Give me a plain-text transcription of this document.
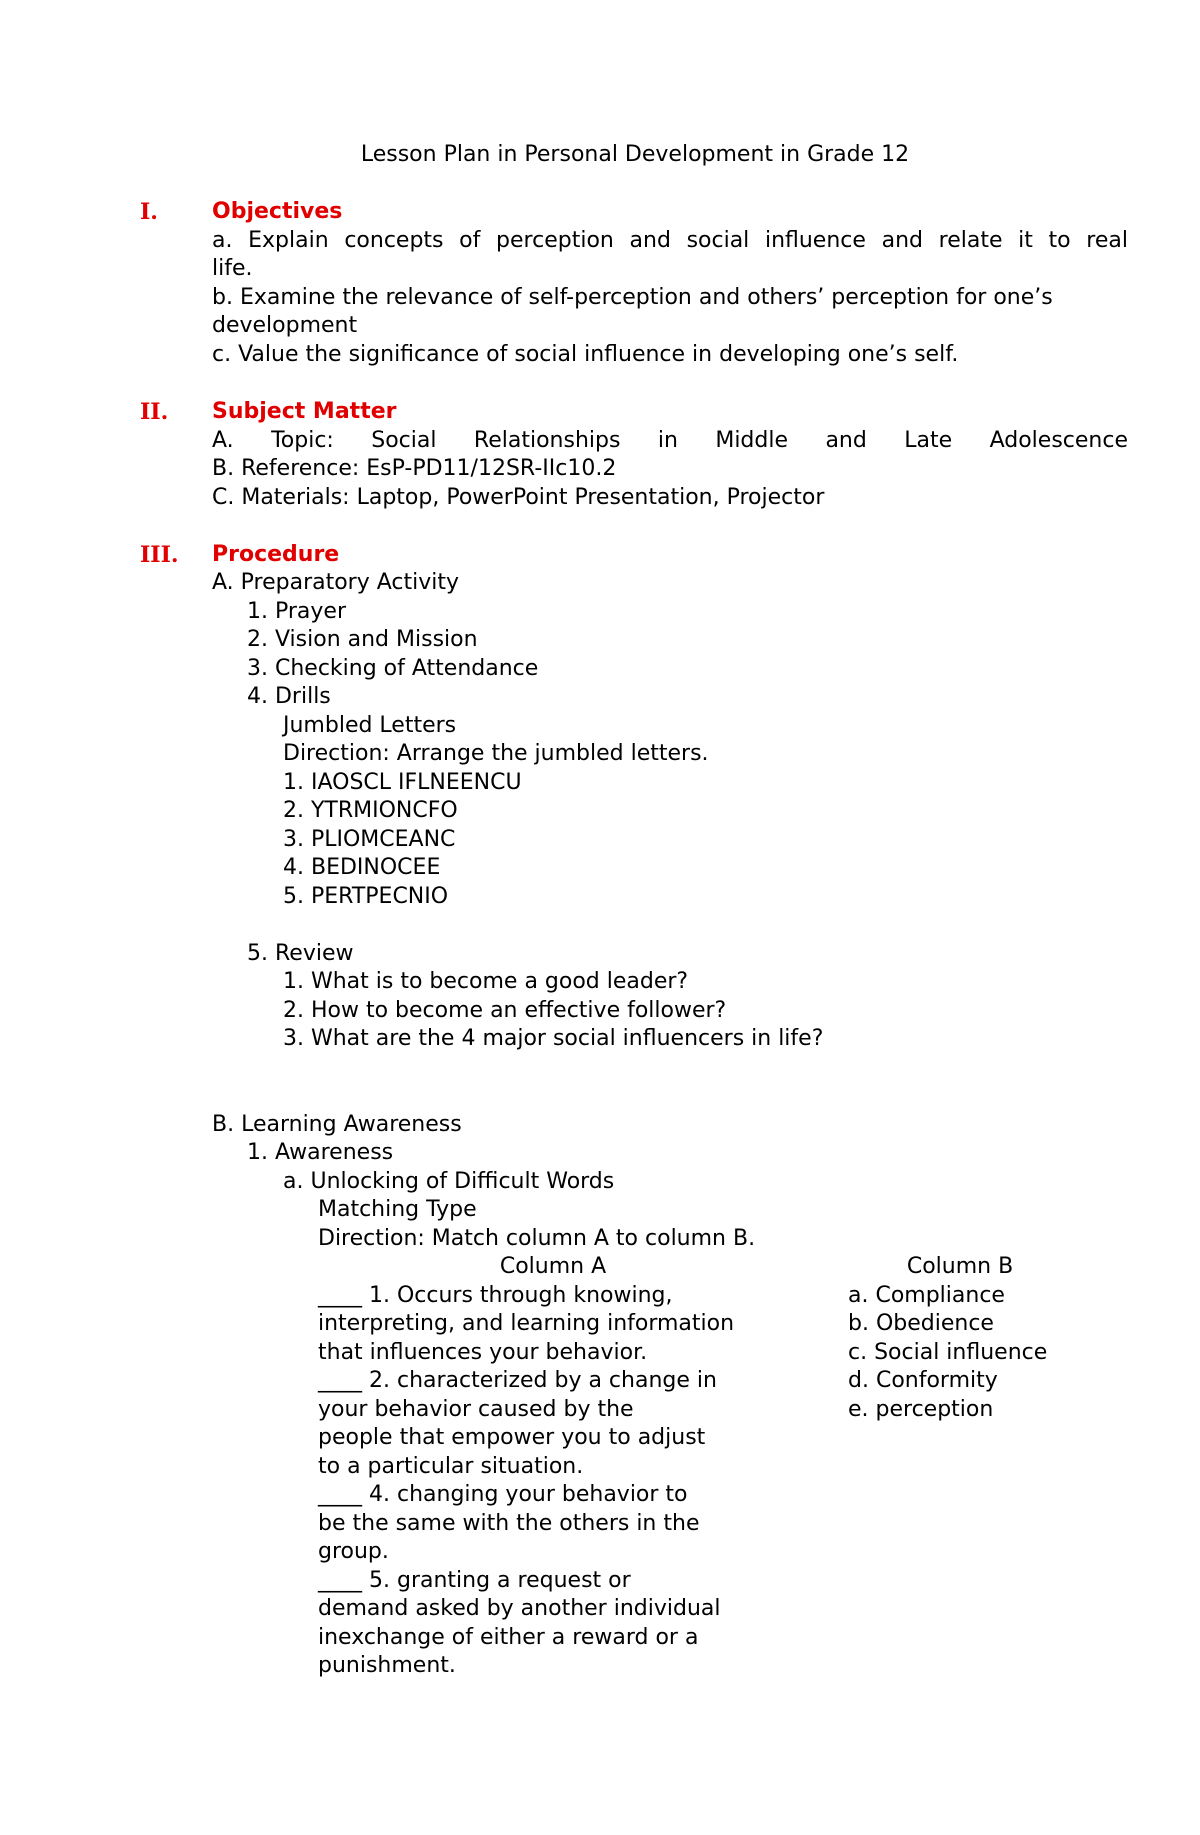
Lesson Plan in Personal Development in Grade 12
I. Objectives
a. Explain concepts of perception and social influence and relate it to real
life.
b. Examine the relevance of self-perception and others’ perception for one’s
development
c. Value the significance of social influence in developing one’s self.
II. Subject Matter
A. Topic: Social Relationships in Middle and Late Adolescence
B. Reference: EsP-PD11/12SR-IIc10.2
C. Materials: Laptop, PowerPoint Presentation, Projector
III. Procedure
A. Preparatory Activity
1. Prayer
2. Vision and Mission
3. Checking of Attendance
4. Drills
Jumbled Letters
Direction: Arrange the jumbled letters.
1. IAOSCL IFLNEENCU
2. YTRMIONCFO
3. PLIOMCEANC
4. BEDINOCEE
5. PERTPECNIO
5. Review
1. What is to become a good leader?
2. How to become an effective follower?
3. What are the 4 major social influencers in life?
B. Learning Awareness
1. Awareness
a. Unlocking of Difficult Words
Matching Type
Direction: Match column A to column B.
Column A	Column B
____ 1. Occurs through knowing,
interpreting, and learning information
that influences your behavior.
____ 2. characterized by a change in
your behavior caused by the
people that empower you to adjust
to a particular situation.
____ 4. changing your behavior to
be the same with the others in the
group.
____ 5. granting a request or
demand asked by another individual
inexchange of either a reward or a
punishment.
a. Compliance
b. Obedience
c. Social influence
d. Conformity
e. perception
